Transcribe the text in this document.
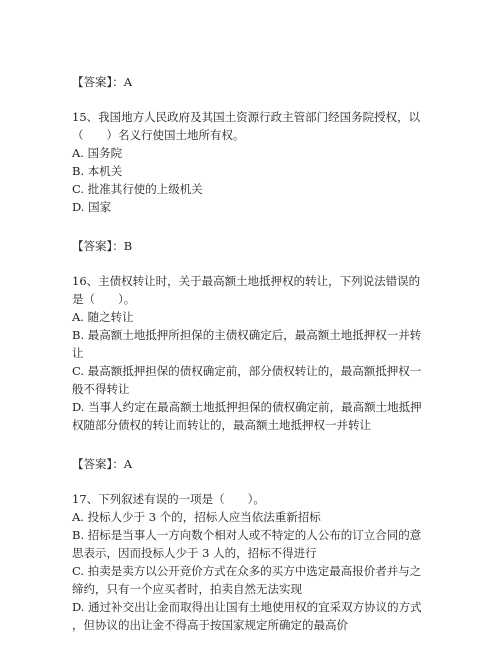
【答案】：A
15、我国地方人民政府及其国土资源行政主管部门经国务院授权，以
（　　）名义行使国土地所有权。
A. 国务院
B. 本机关
C. 批准其行使的上级机关
D. 国家
【答案】：B
16、主债权转让时，关于最高额土地抵押权的转让，下列说法错误的
是（　　）。
A. 随之转让
B. 最高额土地抵押所担保的主债权确定后，最高额土地抵押权一并转
让
C. 最高额抵押担保的债权确定前，部分债权转让的，最高额抵押权一
般不得转让
D. 当事人约定在最高额土地抵押担保的债权确定前，最高额土地抵押
权随部分债权的转让而转让的，最高额土地抵押权一并转让
【答案】：A
17、下列叙述有误的一项是（　　）。
A. 投标人少于 3 个的，招标人应当依法重新招标
B. 招标是当事人一方向数个相对人或不特定的人公布的订立合同的意
思表示，因而投标人少于 3 人的，招标不得进行
C. 拍卖是卖方以公开竞价方式在众多的买方中选定最高报价者并与之
缔约，只有一个应买者时，拍卖自然无法实现
D. 通过补交出让金而取得出让国有土地使用权的宜采双方协议的方式
，但协议的出让金不得高于按国家规定所确定的最高价
